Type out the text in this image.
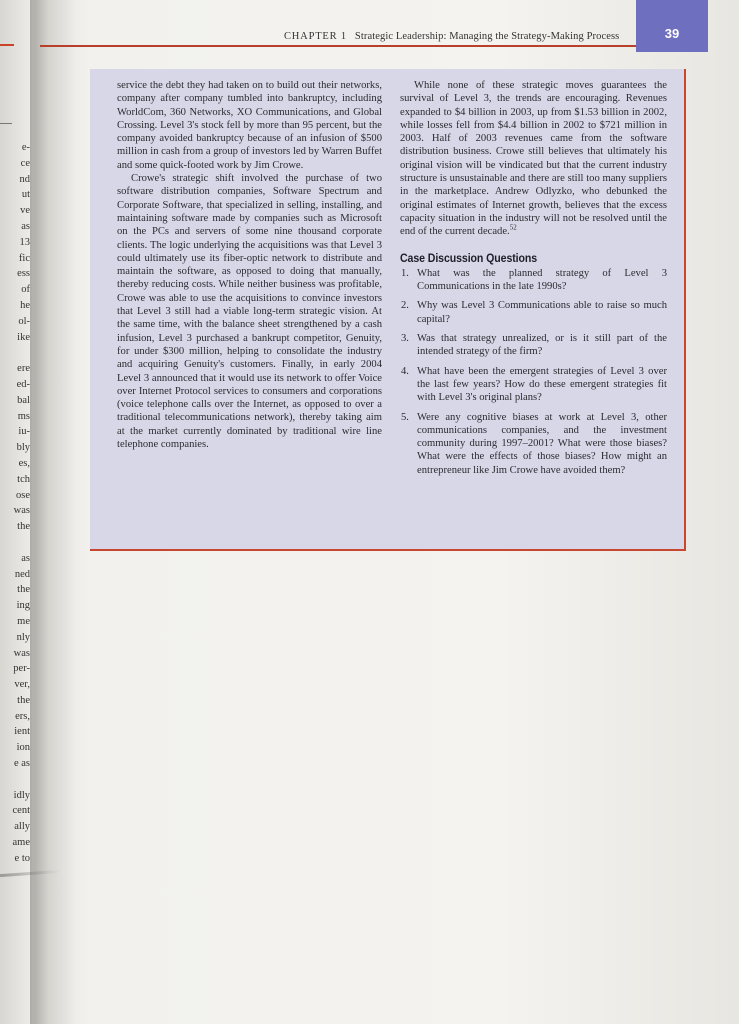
e-
ce
nd
ut
ve
as
13
fic
ess
of
he
ol-
ike
ere
ed-
bal
ms
iu-
bly
es,
tch
ose
was
the
as
ned
the
ing
me
nly
was
per-
ver,
the
ers,
ient
ion
e as
idly
cent
ally
ame
e to
CHAPTER 1 Strategic Leadership: Managing the Strategy-Making Process	39

service the debt they had taken on to build out their networks, company after company tumbled into bankruptcy, including WorldCom, 360 Networks, XO Communications, and Global Crossing. Level 3's stock fell by more than 95 percent, but the company avoided bankruptcy because of an infusion of $500 million in cash from a group of investors led by Warren Buffet and some quick-footed work by Jim Crowe.

Crowe's strategic shift involved the purchase of two software distribution companies, Software Spectrum and Corporate Software, that specialized in selling, installing, and maintaining software made by companies such as Microsoft on the PCs and servers of some nine thousand corporate clients. The logic underlying the acquisitions was that Level 3 could ultimately use its fiber-optic network to distribute and maintain the software, as opposed to doing that manually, thereby reducing costs. While neither business was profitable, Crowe was able to use the acquisitions to convince investors that Level 3 still had a viable long-term strategic vision. At the same time, with the balance sheet strengthened by a cash infusion, Level 3 purchased a bankrupt competitor, Genuity, for under $300 million, helping to consolidate the industry and acquiring Genuity's customers. Finally, in early 2004 Level 3 announced that it would use its network to offer Voice over Internet Protocol services to consumers and corporations (voice telephone calls over the Internet, as opposed to over a traditional telecommunications network), thereby taking aim at the market currently dominated by traditional wire line telephone companies.

While none of these strategic moves guarantees the survival of Level 3, the trends are encouraging. Revenues expanded to $4 billion in 2003, up from $1.53 billion in 2002, while losses fell from $4.4 billion in 2002 to $721 million in 2003. Half of 2003 revenues came from the software distribution business. Crowe still believes that ultimately his original vision will be vindicated but that the current industry structure is unsustainable and there are still too many suppliers in the marketplace. Andrew Odlyzko, who debunked the original estimates of Internet growth, believes that the excess capacity situation in the industry will not be resolved until the end of the current decade.$^{52}$

Case Discussion Questions
1. What was the planned strategy of Level 3 Communications in the late 1990s?
2. Why was Level 3 Communications able to raise so much capital?
3. Was that strategy unrealized, or is it still part of the intended strategy of the firm?
4. What have been the emergent strategies of Level 3 over the last few years? How do these emergent strategies fit with Level 3's original plans?
5. Were any cognitive biases at work at Level 3, other communications companies, and the investment community during 1997–2001? What were those biases? What were the effects of those biases? How might an entrepreneur like Jim Crowe have avoided them?
